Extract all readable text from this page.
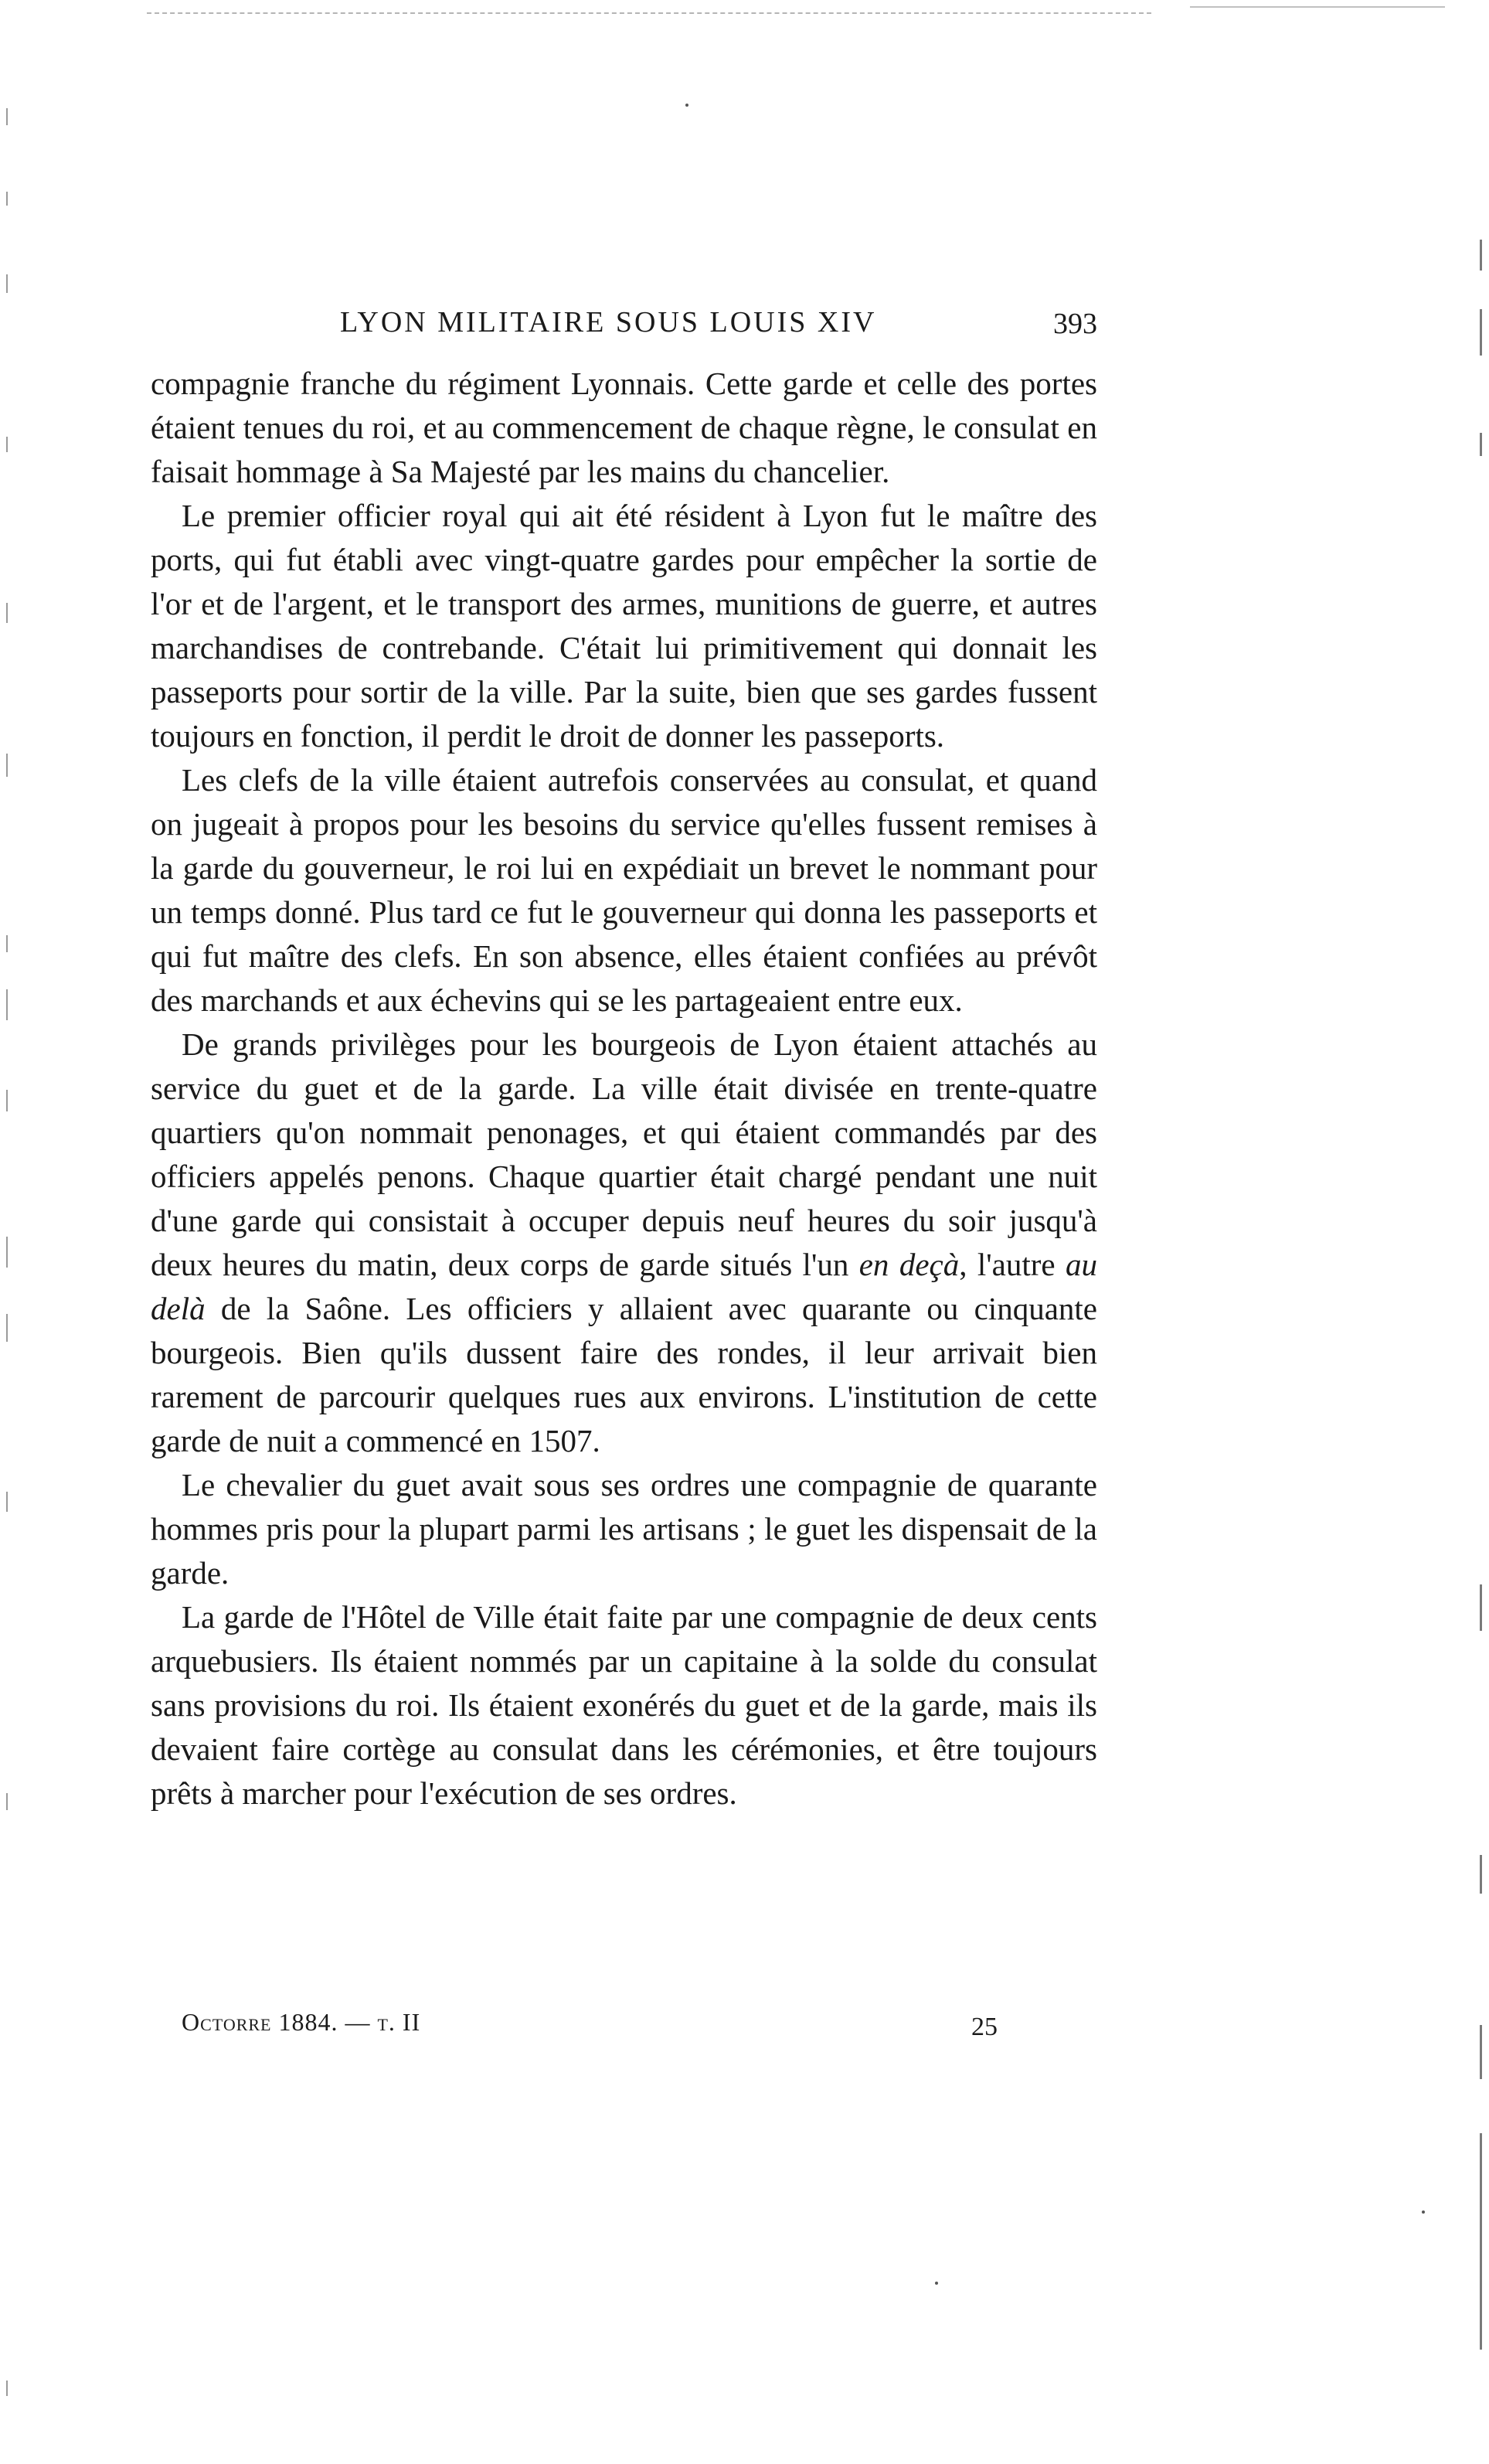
LYON MILITAIRE SOUS LOUIS XIV	393

compagnie franche du régiment Lyonnais. Cette garde et celle des portes étaient tenues du roi, et au commencement de chaque règne, le consulat en faisait hommage à Sa Majesté par les mains du chancelier.

Le premier officier royal qui ait été résident à Lyon fut le maître des ports, qui fut établi avec vingt-quatre gardes pour empêcher la sortie de l'or et de l'argent, et le transport des armes, munitions de guerre, et autres marchandises de contrebande. C'était lui primitivement qui donnait les passeports pour sortir de la ville. Par la suite, bien que ses gardes fussent toujours en fonction, il perdit le droit de donner les passeports.

Les clefs de la ville étaient autrefois conservées au consulat, et quand on jugeait à propos pour les besoins du service qu'elles fussent remises à la garde du gouverneur, le roi lui en expédiait un brevet le nommant pour un temps donné. Plus tard ce fut le gouverneur qui donna les passeports et qui fut maître des clefs. En son absence, elles étaient confiées au prévôt des marchands et aux échevins qui se les partageaient entre eux.

De grands privilèges pour les bourgeois de Lyon étaient attachés au service du guet et de la garde. La ville était divisée en trente-quatre quartiers qu'on nommait penonages, et qui étaient commandés par des officiers appelés penons. Chaque quartier était chargé pendant une nuit d'une garde qui consistait à occuper depuis neuf heures du soir jusqu'à deux heures du matin, deux corps de garde situés l'un en deçà, l'autre au delà de la Saône. Les officiers y allaient avec quarante ou cinquante bourgeois. Bien qu'ils dussent faire des rondes, il leur arrivait bien rarement de parcourir quelques rues aux environs. L'institution de cette garde de nuit a commencé en 1507.

Le chevalier du guet avait sous ses ordres une compagnie de quarante hommes pris pour la plupart parmi les artisans ; le guet les dispensait de la garde.

La garde de l'Hôtel de Ville était faite par une compagnie de deux cents arquebusiers. Ils étaient nommés par un capitaine à la solde du consulat sans provisions du roi. Ils étaient exonérés du guet et de la garde, mais ils devaient faire cortège au consulat dans les cérémonies, et être toujours prêts à marcher pour l'exécution de ses ordres.

Octorre 1884. — t. II	25
